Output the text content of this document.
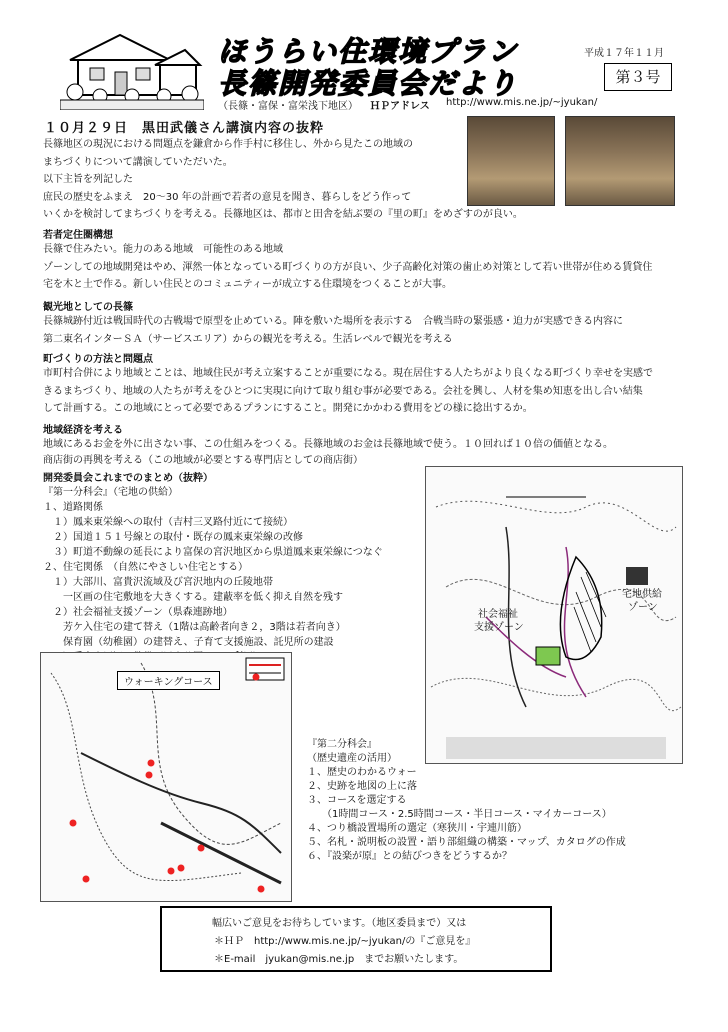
ほうらい住環境プラン
長篠開発委員会だより
平成１７年１１月
第３号
（長篠・富保・富栄浅下地区） ＨＰアドレス http://www.mis.ne.jp/~jyukan/
１０月２９日　黒田武儀さん講演内容の抜粋
長篠地区の現況における問題点を鎌倉から作手村に移住し、外から見たこの地域の
まちづくりについて講演していただいた。
以下主旨を列記した
庶民の歴史をふまえ　20～30 年の計画で若者の意見を聞き、暮らしをどう作って
いくかを検討してまちづくりを考える。長篠地区は、都市と田舎を結ぶ要の『里の町』をめざすのが良い。
若者定住圏構想
長篠で住みたい。能力のある地域　可能性のある地域
ゾーンしての地域開発はやめ、渾然一体となっている町づくりの方が良い、少子高齢化対策の歯止め対策として若い世帯が住める賃貸住
宅を木と土で作る。新しい住民とのコミュニティーが成立する住環境をつくることが大事。
観光地としての長篠
長篠城跡付近は戦国時代の古戦場で原型を止めている。陣を敷いた場所を表示する　合戦当時の緊張感・迫力が実感できる内容に
第二東名インターＳＡ（サービスエリア）からの観光を考える。生活レベルで観光を考える
町づくりの方法と問題点
市町村合併により地域とことは、地域住民が考え立案することが重要になる。現在居住する人たちがより良くなる町づくり幸せを実感で
きるまちづくり、地域の人たちが考えをひとつに実現に向けて取り組む事が必要である。会社を興し、人材を集め知恵を出し合い結集
して計画する。この地域にとって必要であるプランにすること。開発にかかわる費用をどの様に捻出するか。
地域経済を考える
地域にあるお金を外に出さない事、この仕組みをつくる。長篠地域のお金は長篠地域で使う。１０回れば１０倍の価値となる。
商店街の再興を考える（この地域が必要とする専門店としての商店街）
開発委員会これまでのまとめ（抜粋）
『第一分科会』（宅地の供給）
１、道路関係
　１）鳳来東栄線への取付（吉村三叉路付近にて接続）
　２）国道１５１号線との取付・既存の鳳来東栄線の改修
　３）町道不動線の延長により富保の宮沢地区から県道鳳来東栄線につなぐ
２、住宅関係　（自然にやさしい住宅とする）
　１）大部川、富貴沢流域及び宮沢地内の丘陵地帯
　　一区画の住宅敷地を大きくする。建蔽率を低く抑え自然を残す
　２）社会福祉支援ゾーン（県森連跡地）
　　芳ケ入住宅の建て替え（1階は高齢者向き２，3階は若者向き）
　　保育園（幼稚園）の建替え、子育て支援施設、託児所の建設
社会福祉
支援ゾーン
宅地供給
ゾーン
ウォーキングコース
『第二分科会』
（歴史遺産の活用）
１、歴史のわかるウォー
２、史跡を地図の上に落
３、コースを選定する
　　（1時間コース・2.5時間コース・半日コース・マイカーコース）
４、つり橋設置場所の選定（寒狭川・宇連川筋）
５、名札・説明板の設置・語り部組織の構築・マップ、カタログの作成
６、『設楽が原』との結びつきをどうするか？
幅広いご意見をお待ちしています。（地区委員まで）又は
＊ＨＰ　http://www.mis.ne.jp/~jyukan/の『ご意見を』
＊E-mail　jyukan@mis.ne.jp　までお願いたします。
